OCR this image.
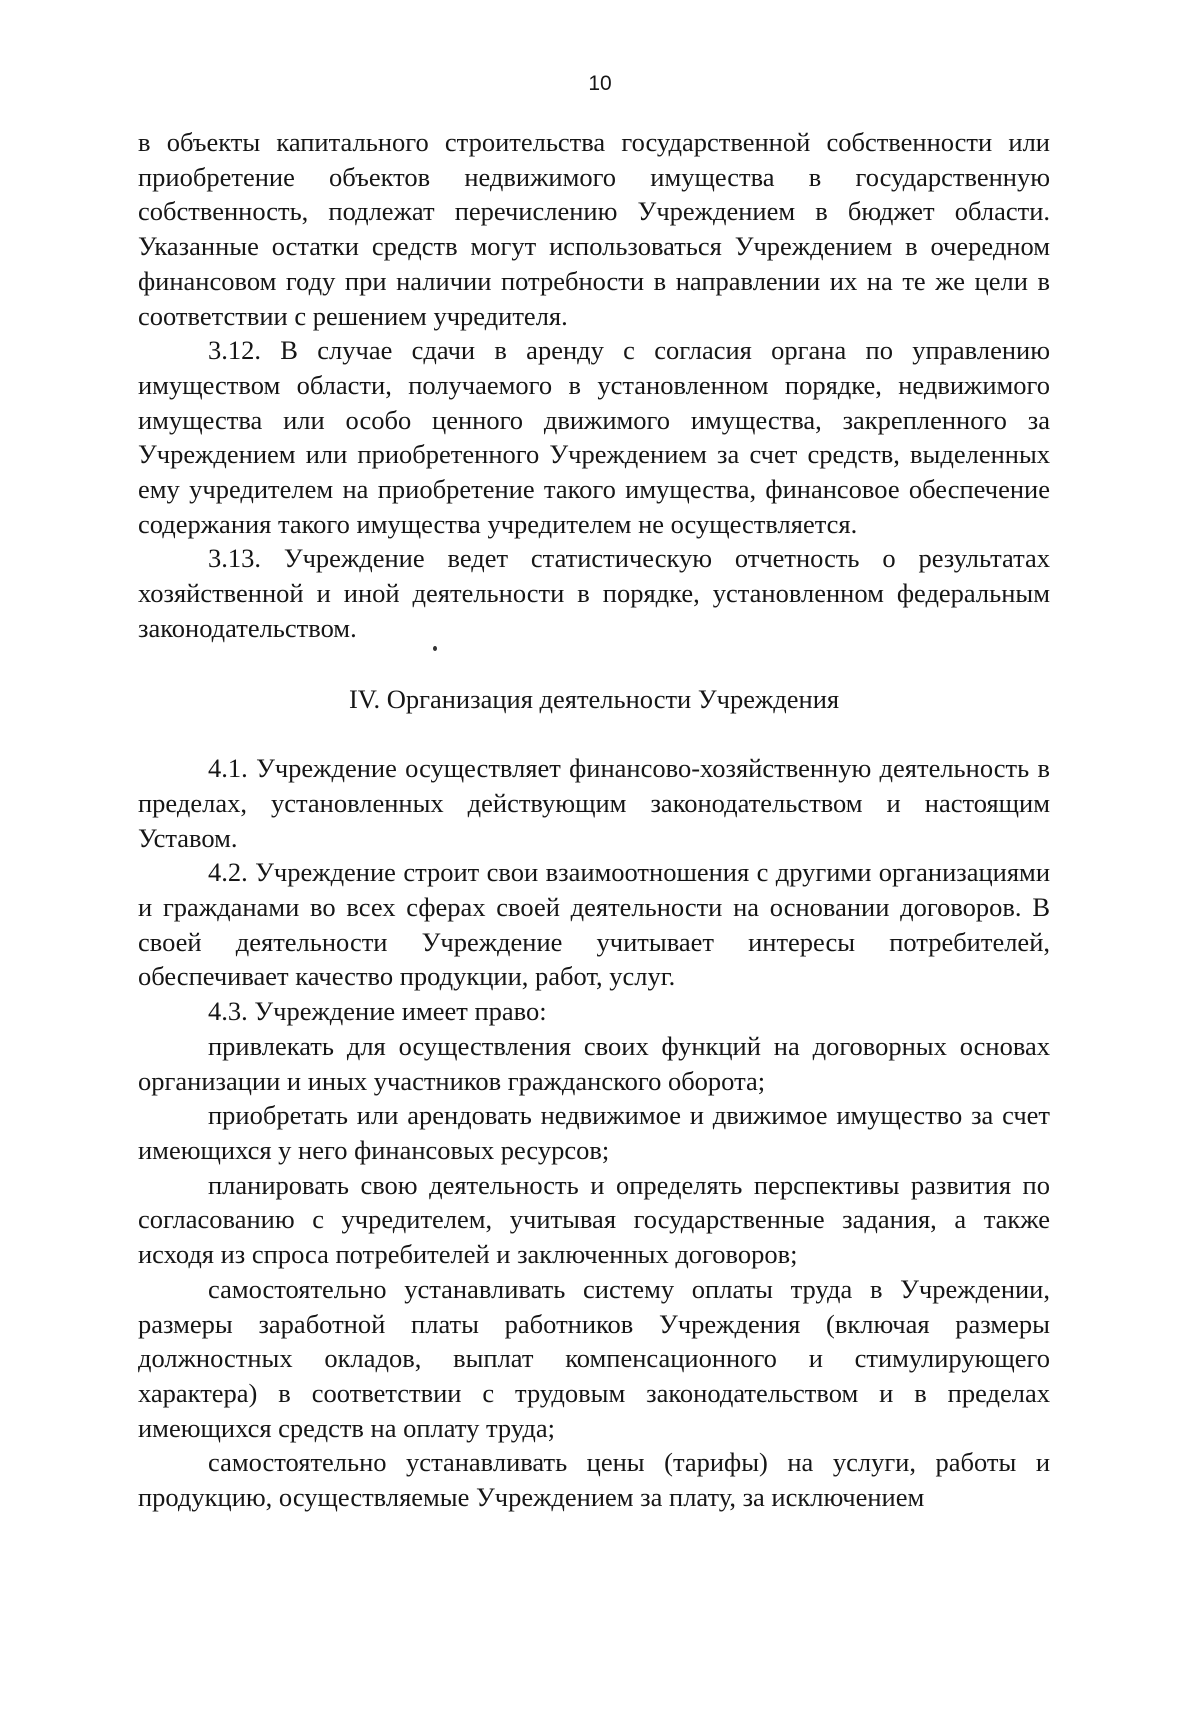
10

в объекты капитального строительства государственной собственности или приобретение объектов недвижимого имущества в государственную собственность, подлежат перечислению Учреждением в бюджет области. Указанные остатки средств могут использоваться Учреждением в очередном финансовом году при наличии потребности в направлении их на те же цели в соответствии с решением учредителя.

3.12. В случае сдачи в аренду с согласия органа по управлению имуществом области, получаемого в установленном порядке, недвижимого имущества или особо ценного движимого имущества, закрепленного за Учреждением или приобретенного Учреждением за счет средств, выделенных ему учредителем на приобретение такого имущества, финансовое обеспечение содержания такого имущества учредителем не осуществляется.

3.13. Учреждение ведет статистическую отчетность о результатах хозяйственной и иной деятельности в порядке, установленном федеральным законодательством.

IV. Организация деятельности Учреждения

4.1. Учреждение осуществляет финансово-хозяйственную деятельность в пределах, установленных действующим законодательством и настоящим Уставом.

4.2. Учреждение строит свои взаимоотношения с другими организациями и гражданами во всех сферах своей деятельности на основании договоров. В своей деятельности Учреждение учитывает интересы потребителей, обеспечивает качество продукции, работ, услуг.

4.3. Учреждение имеет право:

привлекать для осуществления своих функций на договорных основах организации и иных участников гражданского оборота;

приобретать или арендовать недвижимое и движимое имущество за счет имеющихся у него финансовых ресурсов;

планировать свою деятельность и определять перспективы развития по согласованию с учредителем, учитывая государственные задания, а также исходя из спроса потребителей и заключенных договоров;

самостоятельно устанавливать систему оплаты труда в Учреждении, размеры заработной платы работников Учреждения (включая размеры должностных окладов, выплат компенсационного и стимулирующего характера) в соответствии с трудовым законодательством и в пределах имеющихся средств на оплату труда;

самостоятельно устанавливать цены (тарифы) на услуги, работы и продукцию, осуществляемые Учреждением за плату, за исключением
